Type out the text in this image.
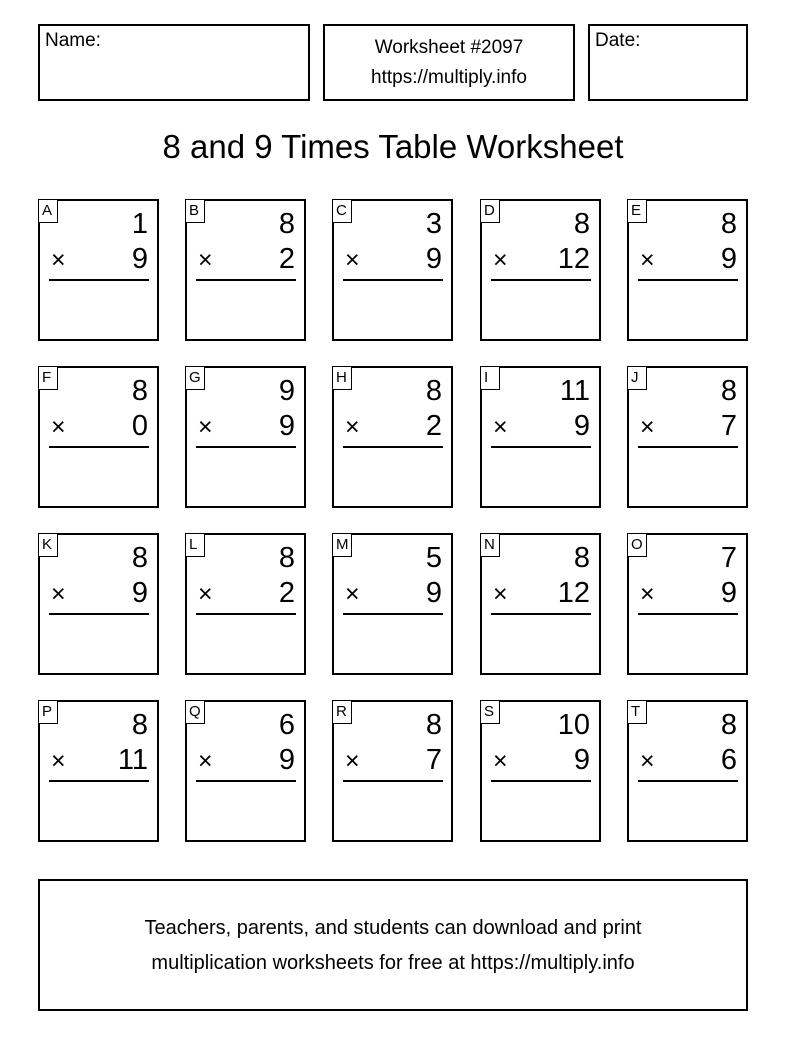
Name:	Worksheet #2097
https://multiply.info
Date:
8 and 9 Times Table Worksheet
A	1
× 9
B	8
× 2
C	3
× 9
D	8
× 12
E	8
× 9
F	8
× 0
G	9
× 9
H	8
× 2
I	11
× 9
J	8
× 7
K	8
× 9
L	8
× 2
M	5
× 9
N	8
× 12
O	7
× 9
P	8
× 11
Q	6
× 9
R	8
× 7
S 10
× 9
T	8
× 6
Teachers, parents, and students can download and print
multiplication worksheets for free at https://multiply.info
